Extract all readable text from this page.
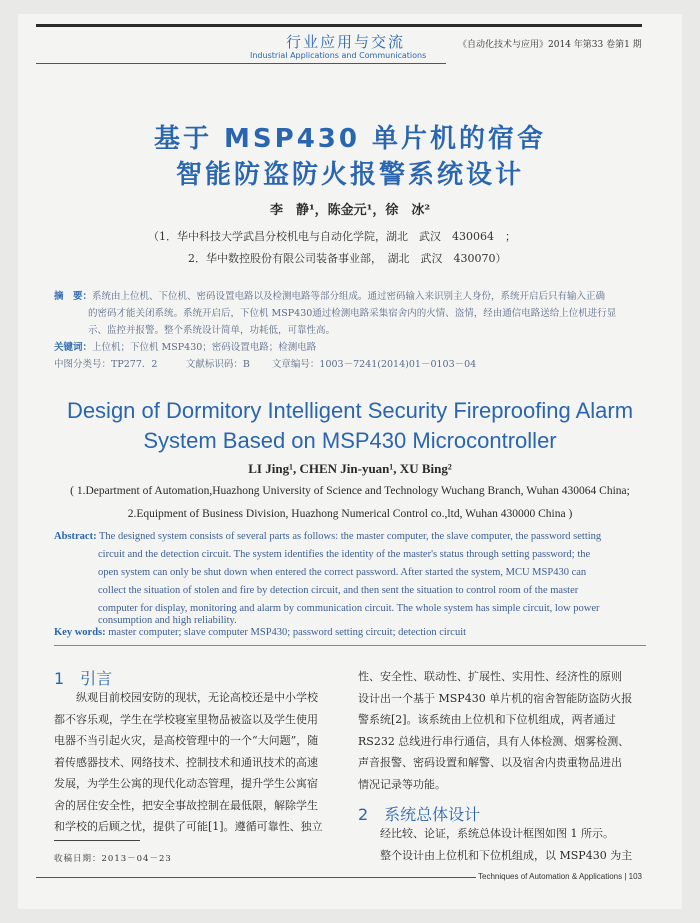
行业应用与交流
Industrial Applications and Communications
《自动化技术与应用》2014 年第33 卷第1 期
基于 MSP430 单片机的宿舍
智能防盗防火报警系统设计
李　静¹，陈金元¹，徐　冰²
（1．华中科技大学武昌分校机电与自动化学院，湖北　武汉　430064　；
2．华中数控股份有限公司装备事业部，　湖北　武汉　430070）
摘　要：系统由上位机、下位机、密码设置电路以及检测电路等部分组成。通过密码输入来识别主人身份，系统开启后只有输入正确
的密码才能关闭系统。系统开启后，下位机 MSP430通过检测电路采集宿舍内的火情、盗情，经由通信电路送给上位机进行显
示、监控并报警。整个系统设计简单，功耗低，可靠性高。
关键词：上位机；下位机 MSP430；密码设置电路；检测电路
中图分类号：TP277．2　　　文献标识码：B　　 文章编号：1003－7241(2014)01－0103－04
Design of Dormitory Intelligent Security Fireproofing Alarm
System Based on MSP430 Microcontroller
LI Jing¹, CHEN Jin-yuan¹, XU Bing²
( 1.Department of Automation,Huazhong University of Science and Technology Wuchang Branch, Wuhan 430064 China;
2.Equipment of Business Division, Huazhong Numerical Control co.,ltd, Wuhan 430000 China )
Abstract: The designed system consists of several parts as follows: the master computer, the slave computer, the password setting
circuit and the detection circuit. The system identifies the identity of the master's status through setting password; the
open system can only be shut down when entered the correct password. After started the system, MCU MSP430 can
collect the situation of stolen and fire by detection circuit, and then sent the situation to control room of the master
computer for display, monitoring and alarm by communication circuit. The whole system has simple circuit, low power
consumption and high reliability.
Key words: master computer; slave computer MSP430; password setting circuit; detection circuit
1　引言
　　纵观目前校园安防的现状，无论高校还是中小学校
都不容乐观，学生在学校寝室里物品被盗以及学生使用
电器不当引起火灾，是高校管理中的一个“大问题”，随
着传感器技术、网络技术、控制技术和通讯技术的高速
发展，为学生公寓的现代化动态管理，提升学生公寓宿
舍的居住安全性，把安全事故控制在最低限，解除学生
和学校的后顾之忧，提供了可能[1]。遵循可靠性、独立
性、安全性、联动性、扩展性、实用性、经济性的原则
设计出一个基于 MSP430 单片机的宿舍智能防盗防火报
警系统[2]。该系统由上位机和下位机组成，两者通过
RS232 总线进行串行通信，具有人体检测、烟雾检测、
声音报警、密码设置和解警、以及宿舍内贵重物品进出
情况记录等功能。
2　系统总体设计
　　经比较、论证，系统总体设计框图如图 1 所示。
　　整个设计由上位机和下位机组成，以 MSP430 为主
收稿日期：2013－04－23
Techniques of Automation & Applications | 103
